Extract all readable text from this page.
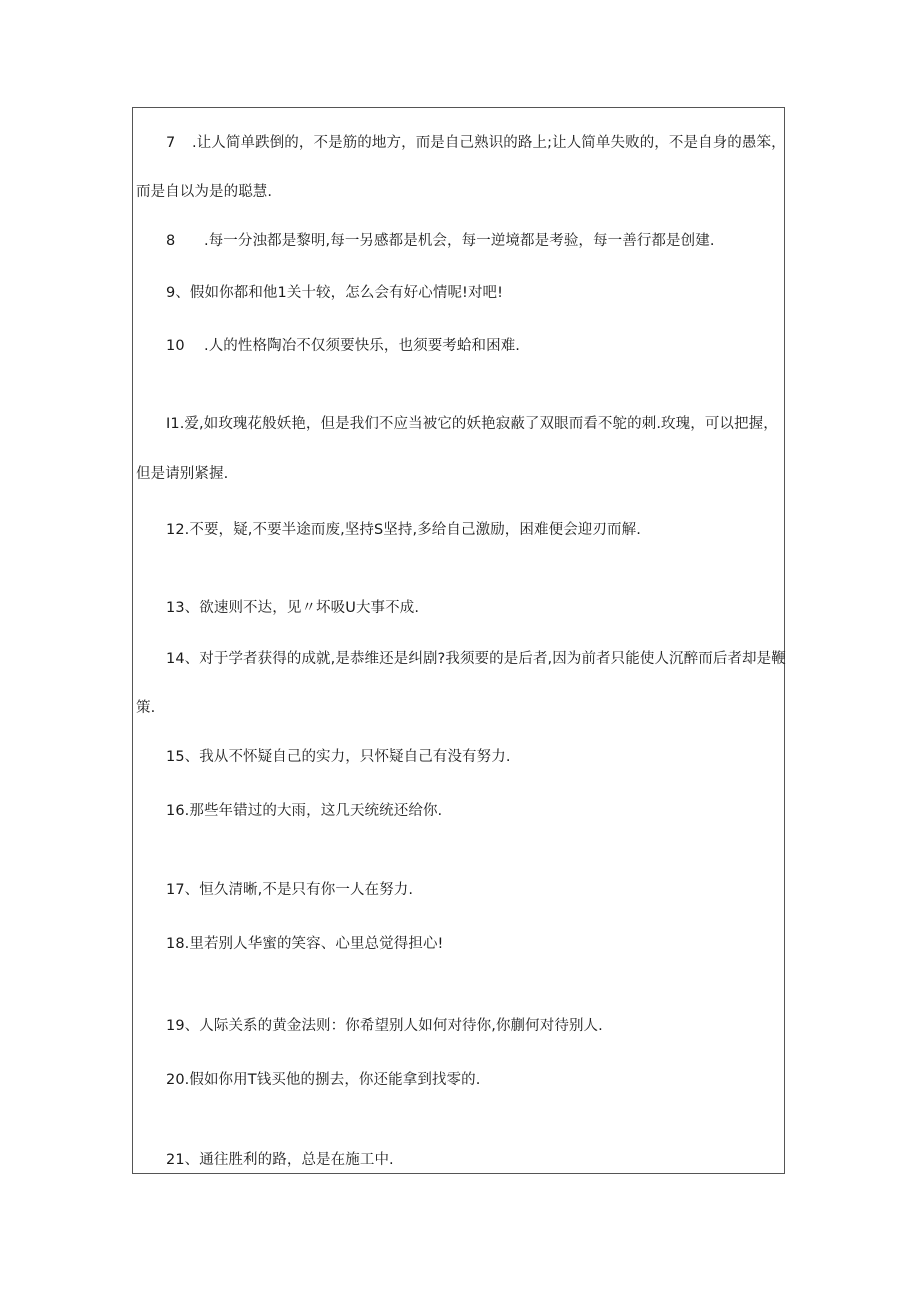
7 .让人简单跌倒的，不是筋的地方，而是自己熟识的路上;让人简单失败的，不是自身的愚笨，
而是自以为是的聪慧.
8 .每一分浊都是黎明,每一另感都是机会，每一逆境都是考验，每一善行都是创建.
9、假如你都和他1关十较，怎么会有好心情呢!对吧!
10 .人的性格陶冶不仅须要快乐，也须要考蛤和困难.
I1.爱,如玫瑰花般妖艳，但是我们不应当被它的妖艳寂蔽了双眼而看不鸵的刺.玫瑰，可以把握，
但是请别紧握.
12.不要，疑,不要半途而废,坚持S坚持,多给自己激励，困难便会迎刃而解.
13、欲速则不达，见〃坏吸U大事不成.
14、对于学者获得的成就,是恭维还是纠剧?我须要的是后者,因为前者只能使人沉醉而后者却是鞭
策.
15、我从不怀疑自己的实力，只怀疑自己有没有努力.
16.那些年错过的大雨，这几天统统还给你.
17、恒久清晰,不是只有你一人在努力.
18.里若别人华蜜的笑容、心里总觉得担心!
19、人际关系的黄金法则：你希望别人如何对待你,你蒯何对待别人.
20.假如你用T钱买他的捌去，你还能拿到找零的.
21、通往胜利的路，总是在施工中.
